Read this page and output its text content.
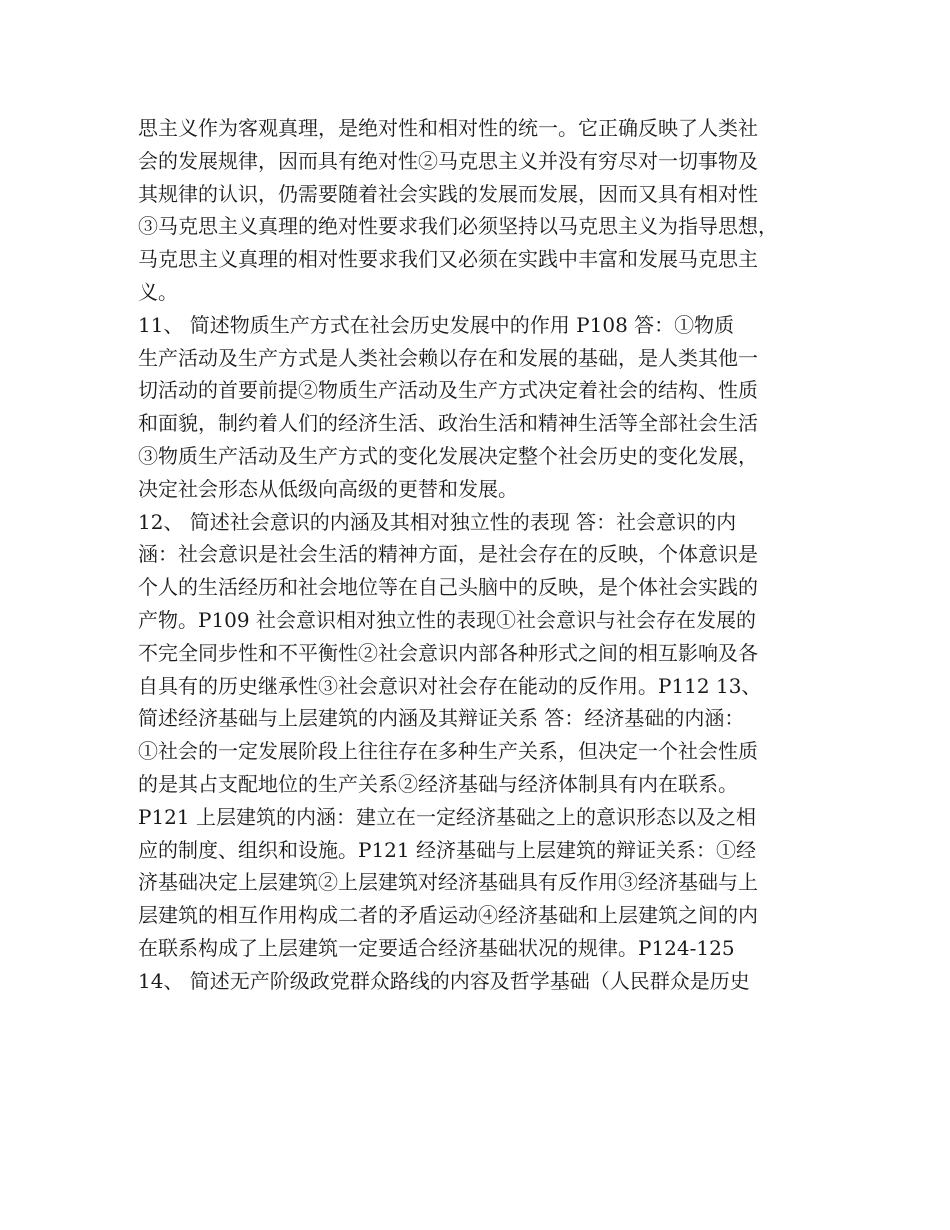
思主义作为客观真理，是绝对性和相对性的统一。它正确反映了人类社
会的发展规律，因而具有绝对性②马克思主义并没有穷尽对一切事物及
其规律的认识，仍需要随着社会实践的发展而发展，因而又具有相对性
③马克思主义真理的绝对性要求我们必须坚持以马克思主义为指导思想，
马克思主义真理的相对性要求我们又必须在实践中丰富和发展马克思主
义。
11、 简述物质生产方式在社会历史发展中的作用 P108 答：①物质
生产活动及生产方式是人类社会赖以存在和发展的基础，是人类其他一
切活动的首要前提②物质生产活动及生产方式决定着社会的结构、性质
和面貌，制约着人们的经济生活、政治生活和精神生活等全部社会生活
③物质生产活动及生产方式的变化发展决定整个社会历史的变化发展，
决定社会形态从低级向高级的更替和发展。
12、 简述社会意识的内涵及其相对独立性的表现 答：社会意识的内
涵：社会意识是社会生活的精神方面，是社会存在的反映，个体意识是
个人的生活经历和社会地位等在自己头脑中的反映，是个体社会实践的
产物。P109 社会意识相对独立性的表现①社会意识与社会存在发展的
不完全同步性和不平衡性②社会意识内部各种形式之间的相互影响及各
自具有的历史继承性③社会意识对社会存在能动的反作用。P112 13、
简述经济基础与上层建筑的内涵及其辩证关系 答：经济基础的内涵：
①社会的一定发展阶段上往往存在多种生产关系，但决定一个社会性质
的是其占支配地位的生产关系②经济基础与经济体制具有内在联系。
P121 上层建筑的内涵：建立在一定经济基础之上的意识形态以及之相
应的制度、组织和设施。P121 经济基础与上层建筑的辩证关系：①经
济基础决定上层建筑②上层建筑对经济基础具有反作用③经济基础与上
层建筑的相互作用构成二者的矛盾运动④经济基础和上层建筑之间的内
在联系构成了上层建筑一定要适合经济基础状况的规律。P124-125
14、 简述无产阶级政党群众路线的内容及哲学基础（人民群众是历史
